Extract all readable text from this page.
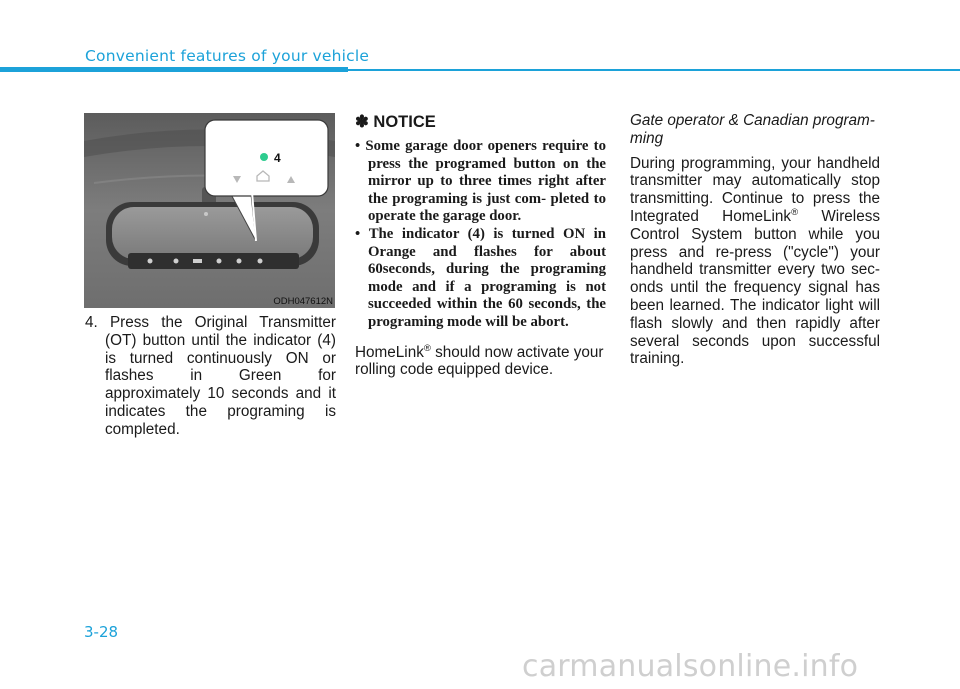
Convenient features of your vehicle
4
ODH047612N

4. Press the Original Transmitter (OT) button until the indicator (4) is turned continuously ON or flashes in Green for approximately 10 seconds and it indicates the programing is completed.

✽ NOTICE

• Some garage door openers require to press the programed button on the mirror up to three times right after the programing is just com- pleted to operate the garage door.
• The indicator (4) is turned ON in Orange and flashes for about 60seconds, during the programing mode and if a programing is not succeeded within the 60 seconds, the programing mode will be abort.

HomeLink® should now activate your rolling code equipped device.

Gate operator & Canadian program- ming

During programming, your handheld transmitter may automatically stop transmitting. Continue to press the Integrated HomeLink® Wireless Control System button while you press and re-press ("cycle") your handheld transmitter every two sec- onds until the frequency signal has been learned. The indicator light will flash slowly and then rapidly after several seconds upon successful training.

3-28
carmanualsonline.info
